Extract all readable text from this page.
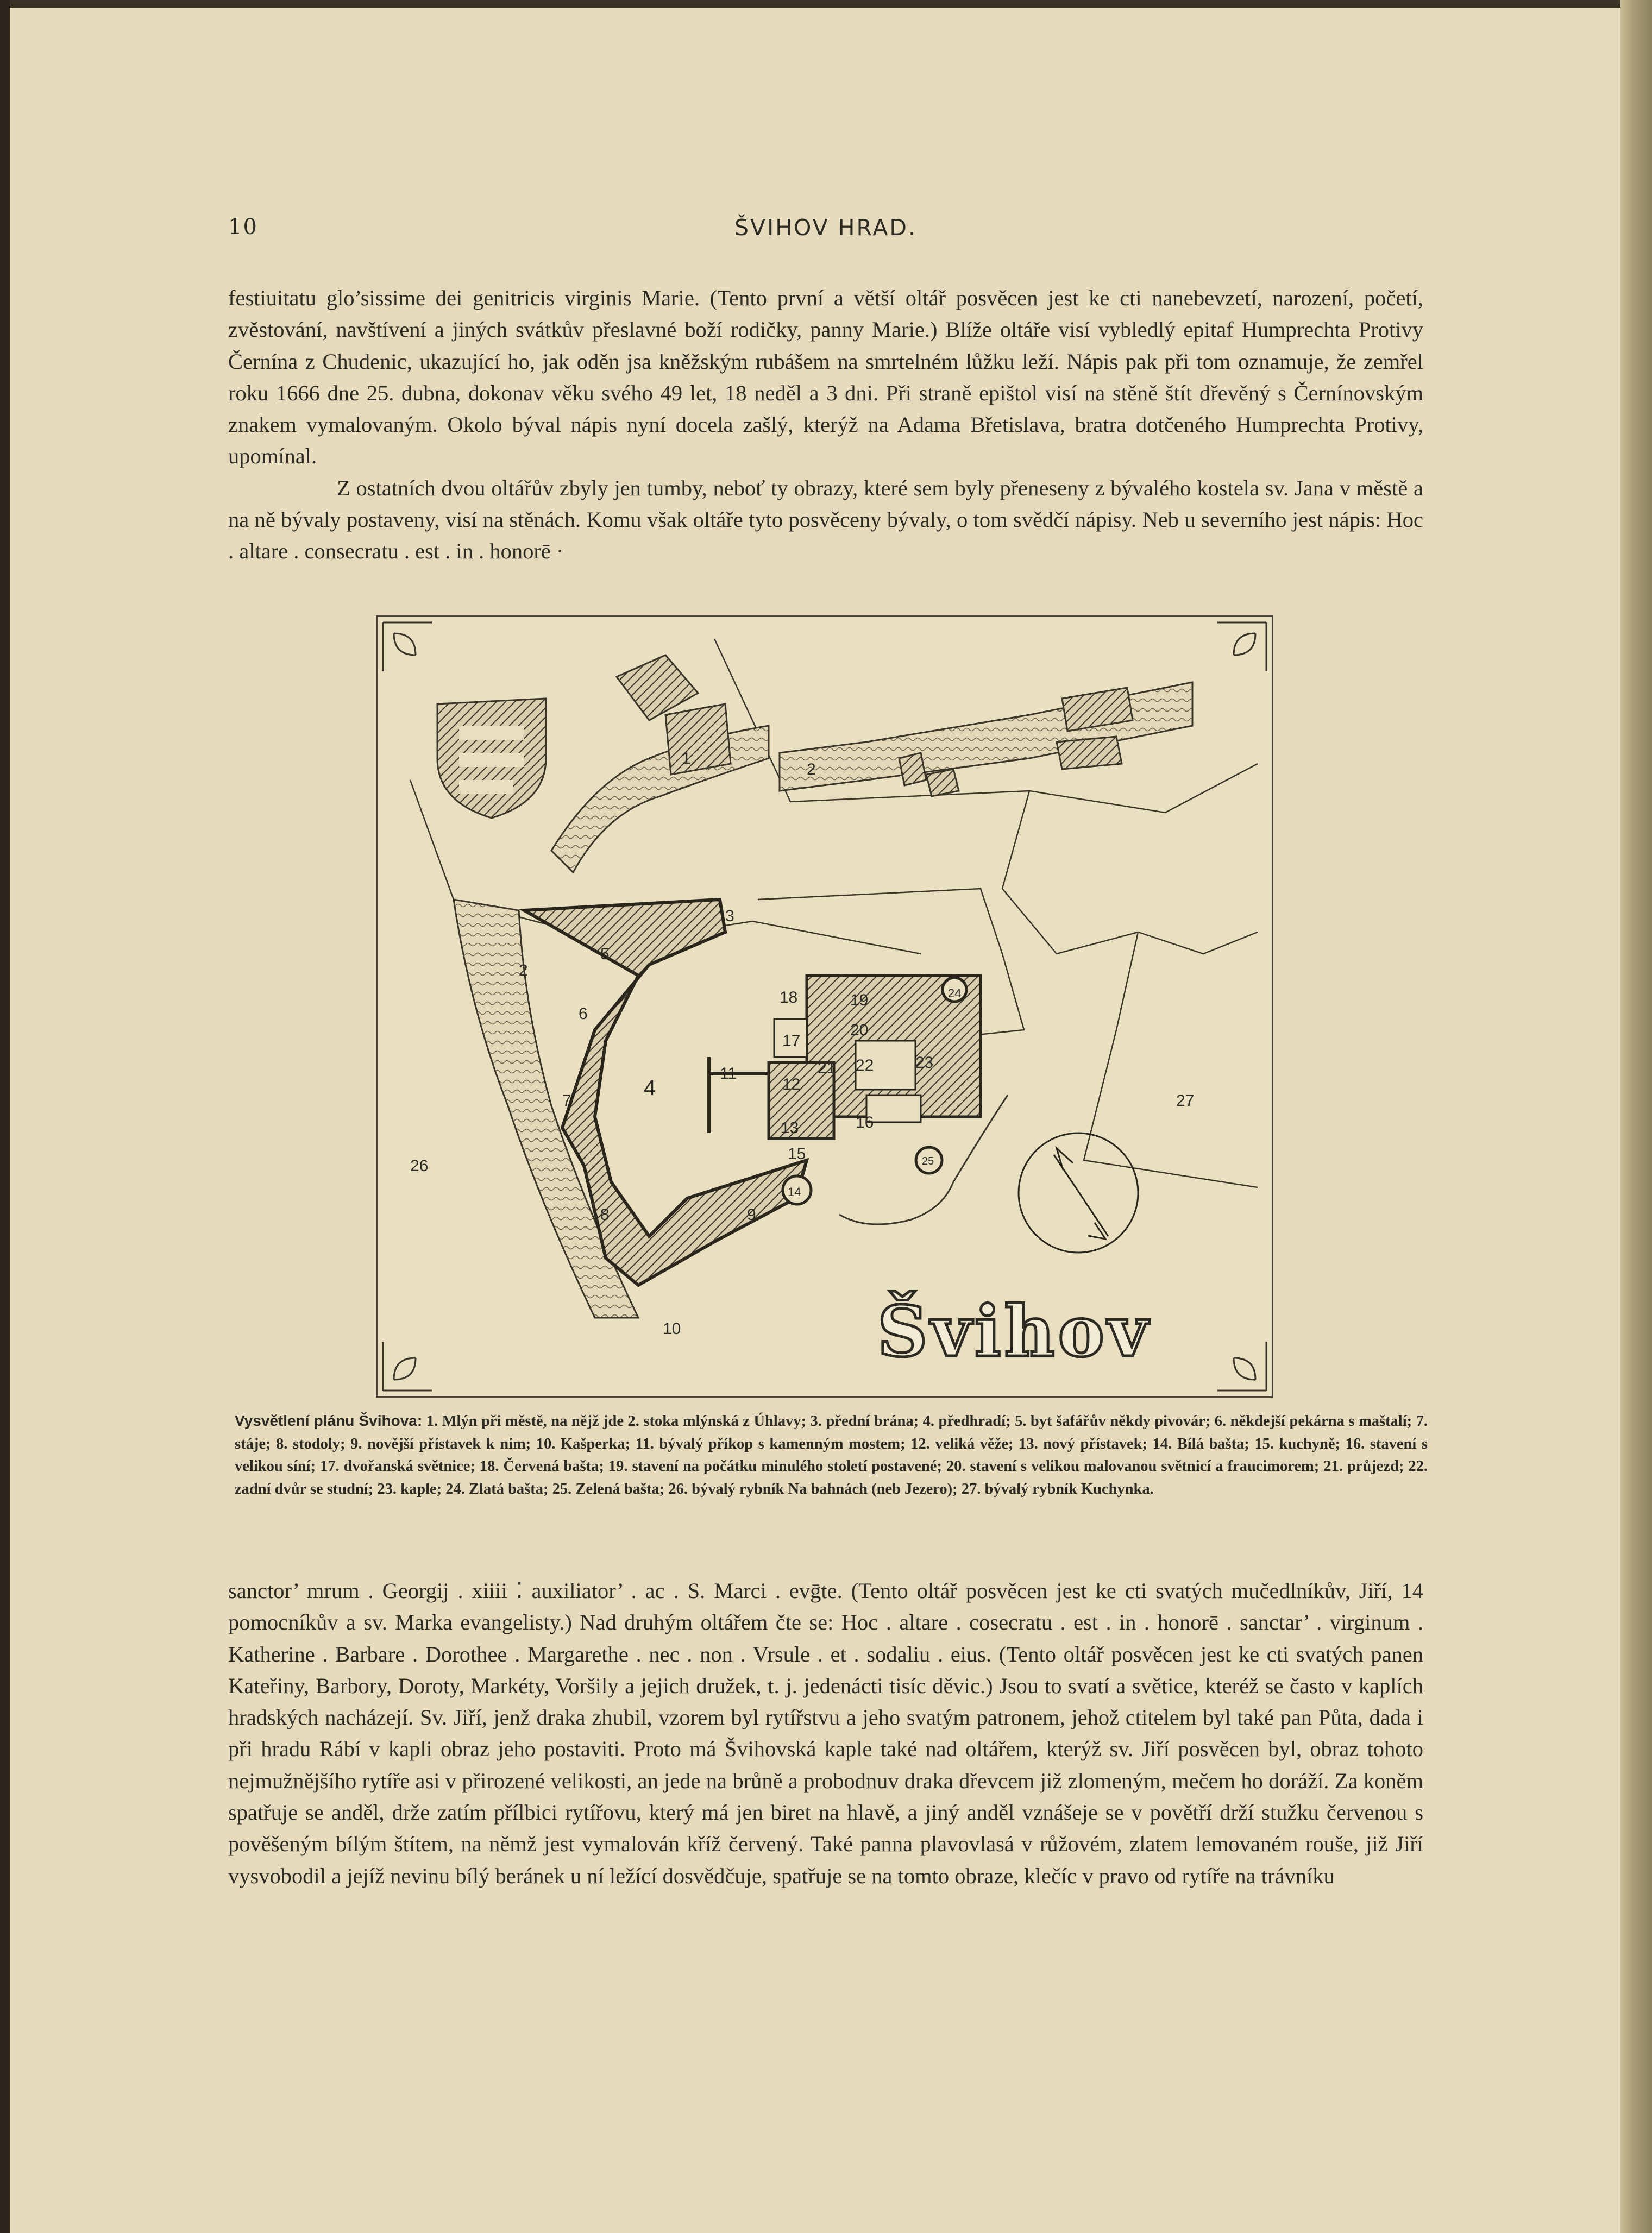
10	ŠVIHOV HRAD.

festiuitatu glo’sissime dei genitricis virginis Marie. (Tento první a větší oltář posvěcen jest ke cti nanebevzetí, narození, početí, zvěstování, navštívení a jiných svátkův přeslavné boží rodičky, panny Marie.) Blíže oltáře visí vybledlý epitaf Humprechta Protivy Černína z Chudenic, ukazující ho, jak oděn jsa kněžským rubášem na smrtelném lůžku leží. Nápis pak při tom oznamuje, že zemřel roku 1666 dne 25. dubna, dokonav věku svého 49 let, 18 neděl a 3 dni. Při straně epištol visí na stěně štít dřevěný s Černínovským znakem vymalovaným. Okolo býval nápis nyní docela zašlý, kterýž na Adama Břetislava, bratra dotčeného Humprechta Protivy, upomínal.

Z ostatních dvou oltářův zbyly jen tumby, neboť ty obrazy, které sem byly přeneseny z bývalého kostela sv. Jana v městě a na ně bývaly postaveny, visí na stěnách. Komu však oltáře tyto posvěceny bývaly, o tom svědčí nápisy. Neb u severního jest nápis: Hoc . altare . consecratu . est . in . honorē ·

1
2
3
4
5
6
7
8	9
10
11
12
13
14
15
16
17
18	19
20
21 22	23
24
25
26
27
2
Švihov
Vysvětlení plánu Švihova: 1. Mlýn při městě, na nějž jde 2. stoka mlýnská z Úhlavy; 3. přední brána; 4. předhradí; 5. byt šafářův někdy pivovár; 6. někdejší pekárna s maštalí; 7. stáje; 8. stodoly; 9. novější přístavek k nim; 10. Kašperka; 11. bývalý příkop s kamenným mostem; 12. veliká věže; 13. nový přístavek; 14. Bílá bašta; 15. kuchyně; 16. stavení s velikou síní; 17. dvořanská světnice; 18. Červená bašta; 19. stavení na počátku minulého století postavené; 20. stavení s velikou malovanou světnicí a fraucimorem; 21. průjezd; 22. zadní dvůr se studní; 23. kaple; 24. Zlatá bašta; 25. Zelená bašta; 26. bývalý rybník Na bahnách (neb Jezero); 27. bývalý rybník Kuchynka.

sanctor’ mrum . Georgij . xiiii ⁚ auxiliator’ . ac . S. Marci . evḡte. (Tento oltář posvěcen jest ke cti svatých mučedlníkův, Jiří, 14 pomocníkův a sv. Marka evangelisty.) Nad druhým oltářem čte se: Hoc . altare . cosecratu . est . in . honorē . sanctar’ . virginum . Katherine . Barbare . Dorothee . Margarethe . nec . non . Vrsule . et . sodaliu . eius. (Tento oltář posvěcen jest ke cti svatých panen Kateřiny, Barbory, Doroty, Markéty, Voršily a jejich družek, t. j. jedenácti tisíc děvic.) Jsou to svatí a světice, kteréž se často v kaplích hradských nacházejí. Sv. Jiří, jenž draka zhubil, vzorem byl rytířstvu a jeho svatým patronem, jehož ctitelem byl také pan Půta, dada i při hradu Rábí v kapli obraz jeho postaviti. Proto má Švihovská kaple také nad oltářem, kterýž sv. Jiří posvěcen byl, obraz tohoto nejmužnějšího rytíře asi v přirozené velikosti, an jede na brůně a probodnuv draka dřevcem již zlomeným, mečem ho doráží. Za koněm spatřuje se anděl, drže zatím přílbici rytířovu, který má jen biret na hlavě, a jiný anděl vznášeje se v povětří drží stužku červenou s pověšeným bílým štítem, na němž jest vymalován kříž červený. Také panna plavovlasá v růžovém, zlatem lemovaném rouše, již Jiří vysvobodil a jejíž nevinu bílý beránek u ní ležící dosvědčuje, spatřuje se na tomto obraze, klečíc v pravo od rytíře na trávníku
